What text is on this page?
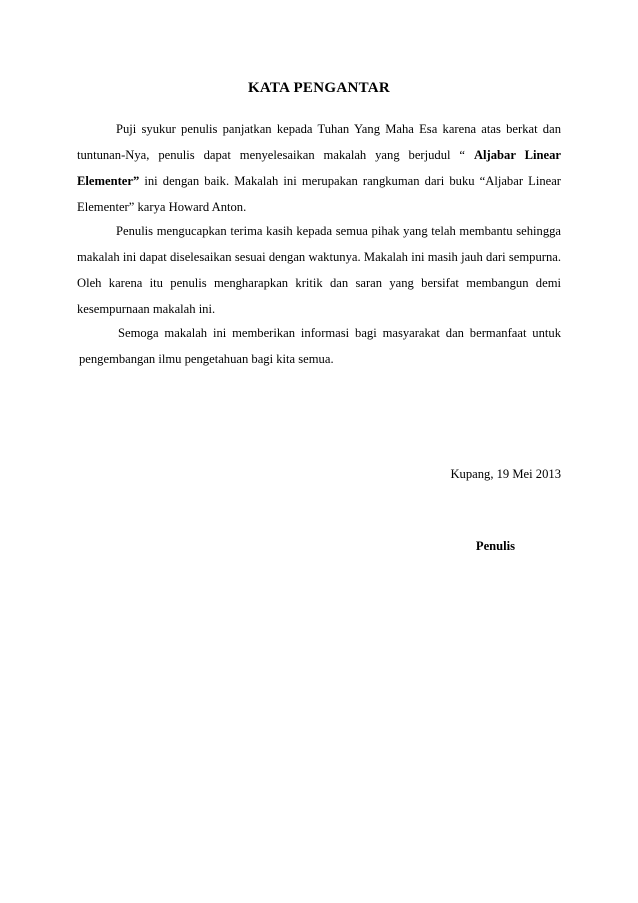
KATA PENGANTAR

Puji syukur penulis panjatkan kepada Tuhan Yang Maha Esa karena atas berkat dan tuntunan-Nya, penulis dapat menyelesaikan makalah yang berjudul “ Aljabar Linear Elementer” ini dengan baik. Makalah ini merupakan rangkuman dari buku “Aljabar Linear Elementer” karya Howard Anton.

Penulis mengucapkan terima kasih kepada semua pihak yang telah membantu sehingga makalah ini dapat diselesaikan sesuai dengan waktunya. Makalah ini masih jauh dari sempurna. Oleh karena itu penulis mengharapkan kritik dan saran yang bersifat membangun demi kesempurnaan makalah ini.

Semoga makalah ini memberikan informasi bagi masyarakat dan bermanfaat untuk pengembangan ilmu pengetahuan bagi kita semua.

Kupang, 19 Mei 2013
Penulis
